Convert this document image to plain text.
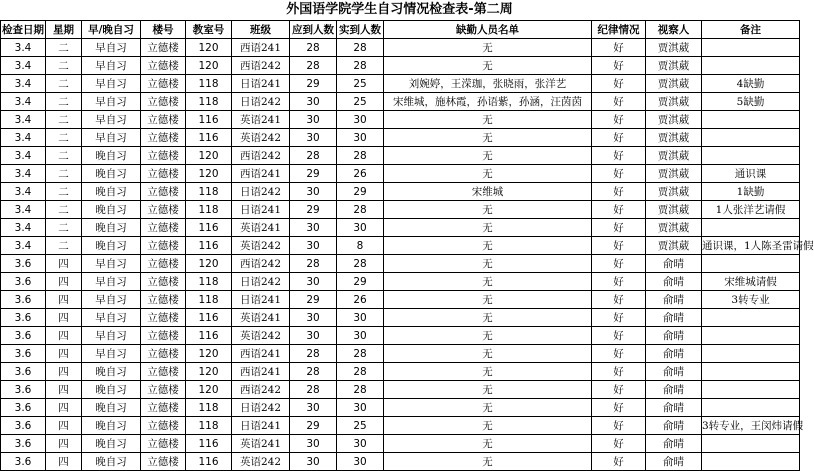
外国语学院学生自习情况检查表-第二周
检查日期	星期	早/晚自习	楼号	教室号	班级	应到人数	实到人数	缺勤人员名单	纪律情况	视察人	备注
3.4	二	早自习	立德楼	120	西语241	28	28	无	好	贾淇葳	
3.4	二	早自习	立德楼	120	西语242	28	28	无	好	贾淇葳	
3.4	二	早自习	立德楼	118	日语241	29	25	刘婉婷，王溁珈，张晓雨，张洋艺	好	贾淇葳	4缺勤
3.4	二	早自习	立德楼	118	日语242	30	25	宋维城，施林霞，孙语紫，孙涵，汪茵茵	好	贾淇葳	5缺勤
3.4	二	早自习	立德楼	116	英语241	30	30	无	好	贾淇葳	
3.4	二	早自习	立德楼	116	英语242	30	30	无	好	贾淇葳	
3.4	二	晚自习	立德楼	120	西语242	28	28	无	好	贾淇葳	
3.4	二	晚自习	立德楼	120	西语241	29	26	无	好	贾淇葳	通识课
3.4	二	晚自习	立德楼	118	日语242	30	29	宋维城	好	贾淇葳	1缺勤
3.4	二	晚自习	立德楼	118	日语241	29	28	无	好	贾淇葳	1人张洋艺请假
3.4	二	晚自习	立德楼	116	英语241	30	30	无	好	贾淇葳	
3.4	二	晚自习	立德楼	116	英语242	30	8	无	好	贾淇葳	通识课，1人陈圣雷请假
3.6	四	早自习	立德楼	120	西语242	28	28	无	好	俞晴	
3.6	四	早自习	立德楼	118	日语242	30	29	无	好	俞晴	宋维城请假
3.6	四	早自习	立德楼	118	日语241	29	26	无	好	俞晴	3转专业
3.6	四	早自习	立德楼	116	英语241	30	30	无	好	俞晴	
3.6	四	早自习	立德楼	116	英语242	30	30	无	好	俞晴	
3.6	四	早自习	立德楼	120	西语241	28	28	无	好	俞晴	
3.6	四	晚自习	立德楼	120	西语241	28	28	无	好	俞晴	
3.6	四	晚自习	立德楼	120	西语242	28	28	无	好	俞晴	
3.6	四	晚自习	立德楼	118	日语242	30	30	无	好	俞晴	
3.6	四	晚自习	立德楼	118	日语241	29	25	无	好	俞晴	3转专业，王闵炜请假
3.6	四	晚自习	立德楼	116	英语241	30	30	无	好	俞晴	
3.6	四	晚自习	立德楼	116	英语242	30	30	无	好	俞晴	
